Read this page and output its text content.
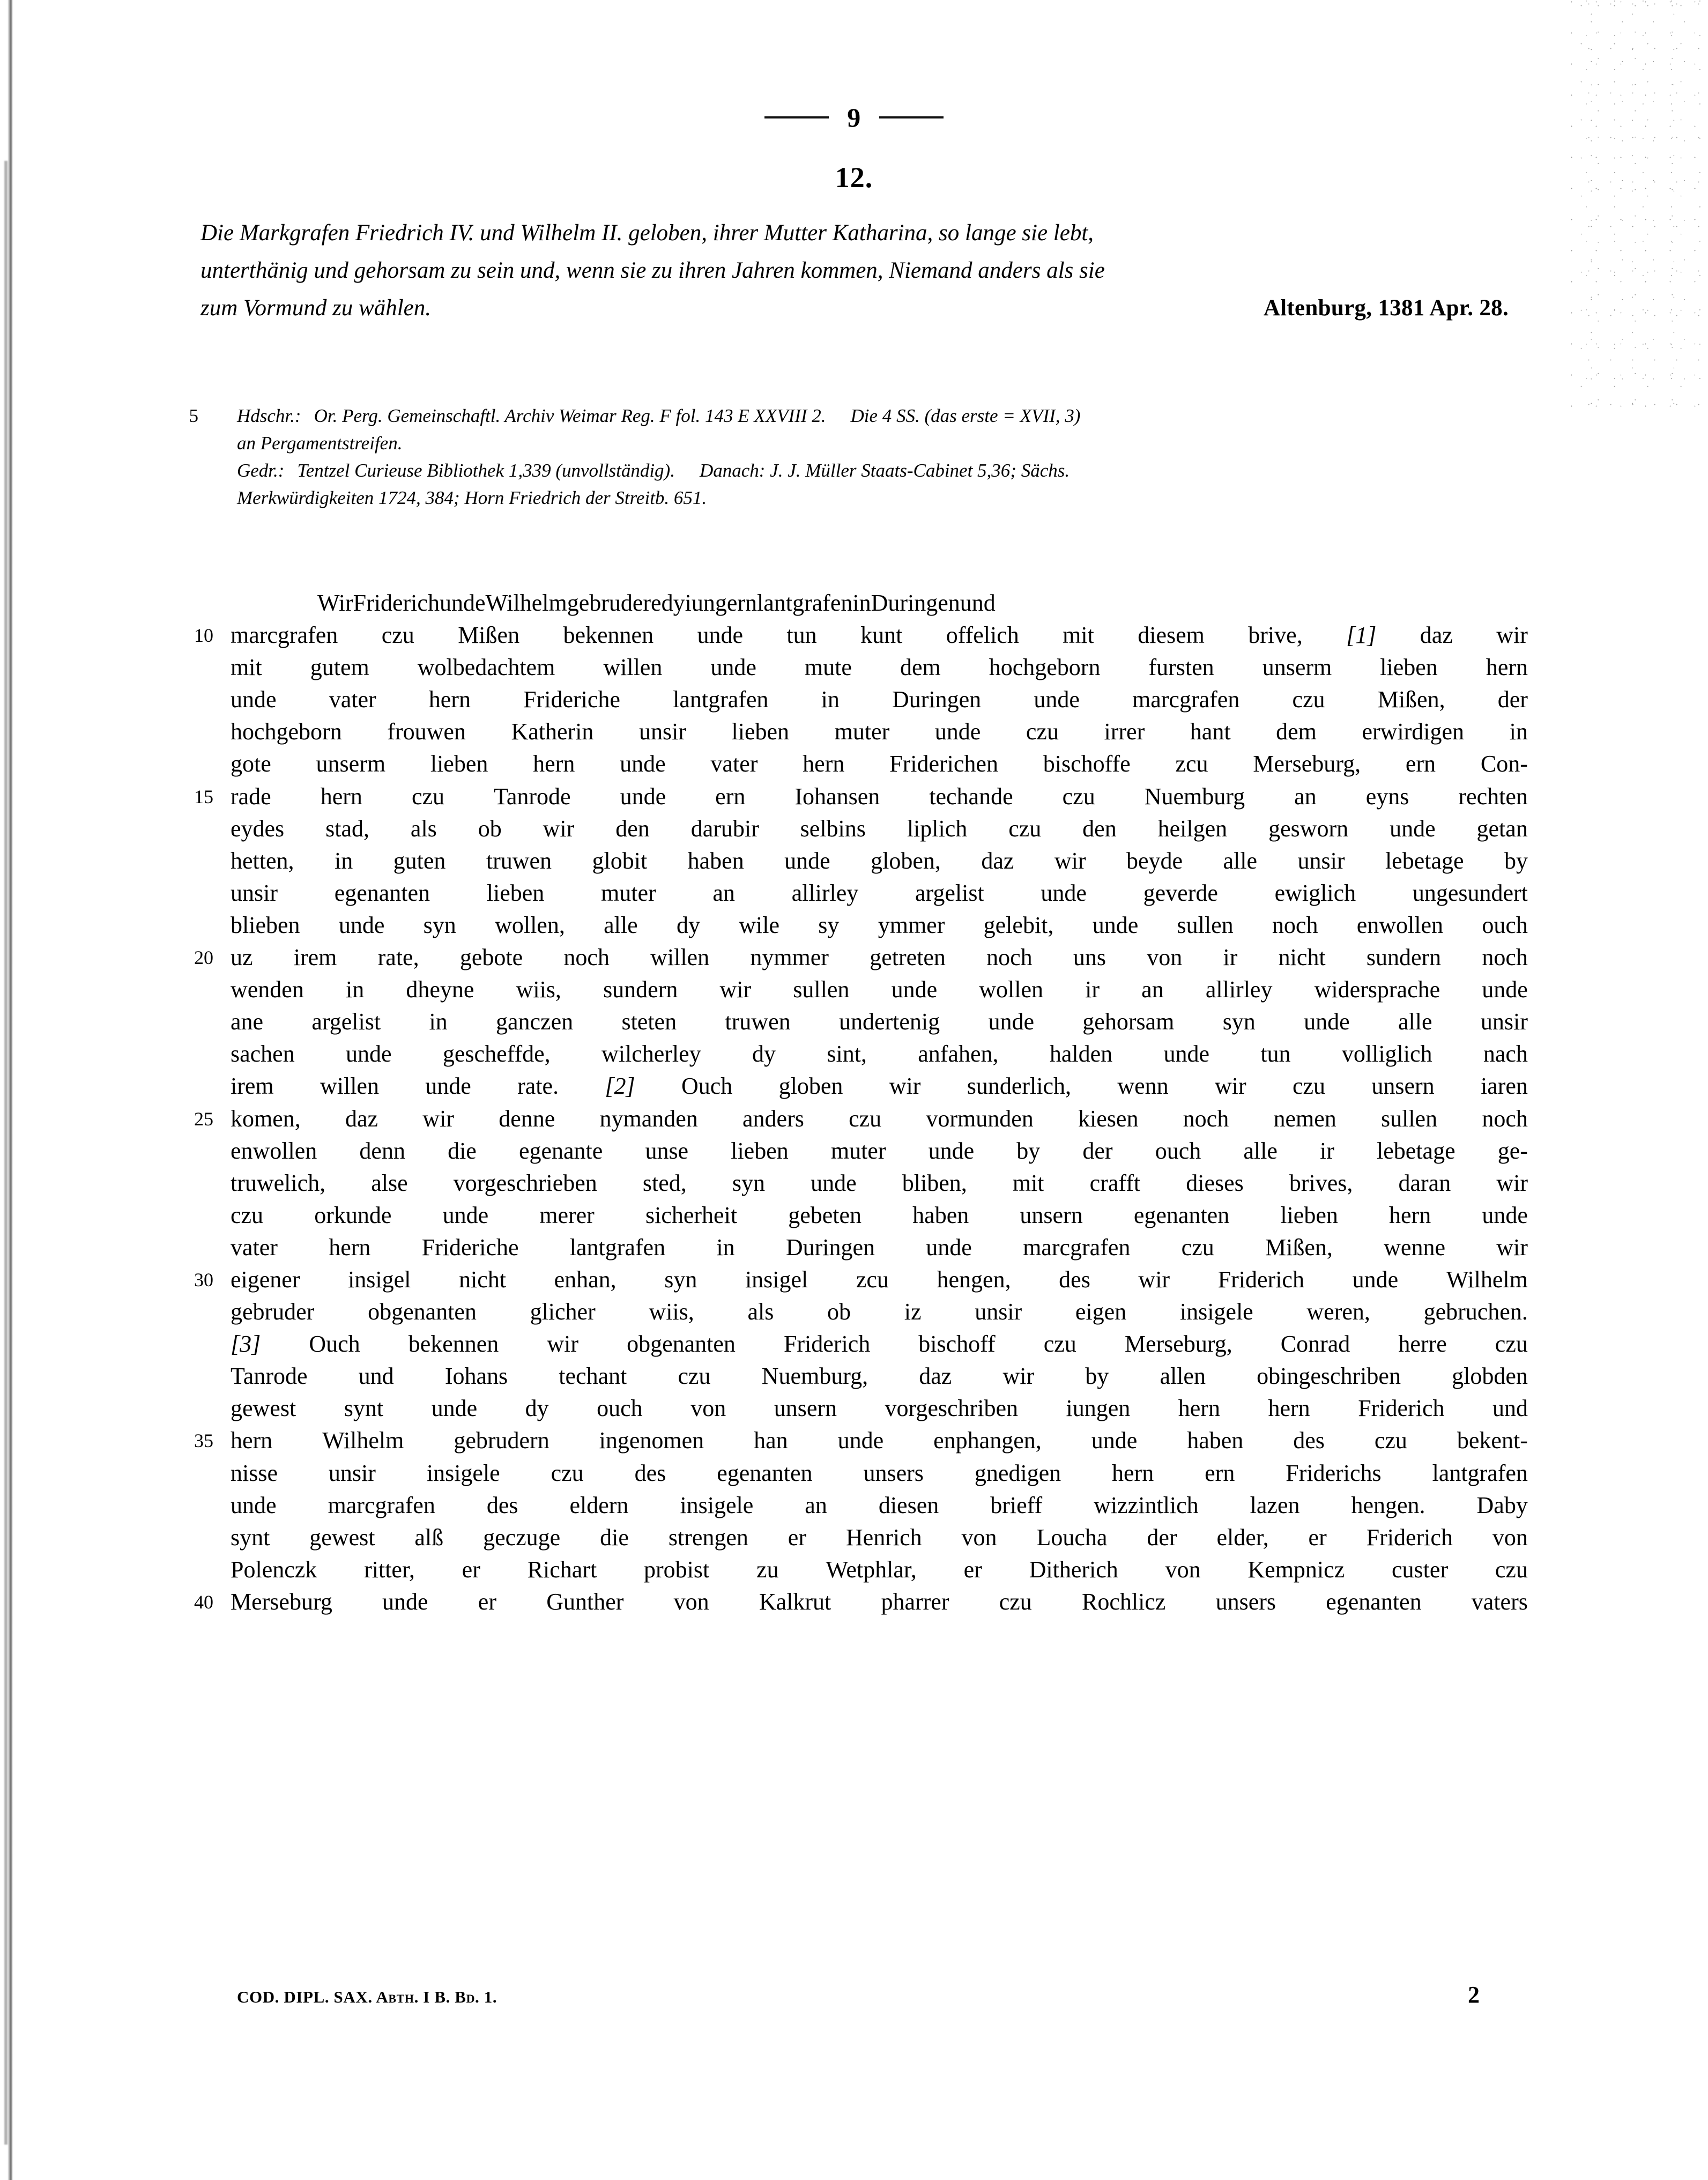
9
12.
Die Markgrafen Friedrich IV. und Wilhelm II. geloben, ihrer Mutter Katharina, so lange sie lebt,
unterthänig und gehorsam zu sein und, wenn sie zu ihren Jahren kommen, Niemand anders als sie
zum Vormund zu wählen.	Altenburg, 1381 Apr. 28.
5 Hdschr.: Or. Perg. Gemeinschaftl. Archiv Weimar Reg. F fol. 143 E XXVIII 2. Die 4 SS. (das erste = XVII, 3)
an Pergamentstreifen.
Gedr.: Tentzel Curieuse Bibliothek 1,339 (unvollständig). Danach: J. J. Müller Staats-Cabinet 5,36; Sächs.
Merkwürdigkeiten 1724, 384; Horn Friedrich der Streitb. 651.
Wir Friderich unde Wilhelm gebrudere dy iungern lantgrafen in Duringen und
10 marcgrafen czu Mißen bekennen unde tun kunt offelich mit diesem brive, [1] daz wir
mit gutem wolbedachtem willen unde mute dem hochgeborn fursten unserm lieben hern
unde vater hern Frideriche lantgrafen in Duringen unde marcgrafen czu Mißen, der
hochgeborn frouwen Katherin unsir lieben muter unde czu irrer hant dem erwirdigen in
gote unserm lieben hern unde vater hern Friderichen bischoffe zcu Merseburg, ern Con-
15 rade hern czu Tanrode unde ern Iohansen techande czu Nuemburg an eyns rechten
eydes stad, als ob wir den darubir selbins liplich czu den heilgen gesworn unde getan
hetten, in guten truwen globit haben unde globen, daz wir beyde alle unsir lebetage by
unsir egenanten lieben muter an allirley argelist unde geverde ewiglich ungesundert
blieben unde syn wollen, alle dy wile sy ymmer gelebit, unde sullen noch enwollen ouch
20 uz irem rate, gebote noch willen nymmer getreten noch uns von ir nicht sundern noch
wenden in dheyne wiis, sundern wir sullen unde wollen ir an allirley widersprache unde
ane argelist in ganczen steten truwen undertenig unde gehorsam syn unde alle unsir
sachen unde gescheffde, wilcherley dy sint, anfahen, halden unde tun volliglich nach
irem willen unde rate. [2] Ouch globen wir sunderlich, wenn wir czu unsern iaren
25 komen, daz wir denne nymanden anders czu vormunden kiesen noch nemen sullen noch
enwollen denn die egenante unse lieben muter unde by der ouch alle ir lebetage ge-
truwelich, alse vorgeschrieben sted, syn unde bliben, mit crafft dieses brives, daran wir
czu orkunde unde merer sicherheit gebeten haben unsern egenanten lieben hern unde
vater hern Frideriche lantgrafen in Duringen unde marcgrafen czu Mißen, wenne wir
30 eigener insigel nicht enhan, syn insigel zcu hengen, des wir Friderich unde Wilhelm
gebruder obgenanten glicher wiis, als ob iz unsir eigen insigele weren, gebruchen.
[3] Ouch bekennen wir obgenanten Friderich bischoff czu Merseburg, Conrad herre czu
Tanrode und Iohans techant czu Nuemburg, daz wir by allen obingeschriben globden
gewest synt unde dy ouch von unsern vorgeschriben iungen hern hern Friderich und
35 hern Wilhelm gebrudern ingenomen han unde enphangen, unde haben des czu bekent-
nisse unsir insigele czu des egenanten unsers gnedigen hern ern Friderichs lantgrafen
unde marcgrafen des eldern insigele an diesen brieff wizzintlich lazen hengen. Daby
synt gewest alß geczuge die strengen er Henrich von Loucha der elder, er Friderich von
Polenczk ritter, er Richart probist zu Wetphlar, er Ditherich von Kempnicz custer czu
40 Merseburg unde er Gunther von Kalkrut pharrer czu Rochlicz unsers egenanten vaters
COD. DIPL. SAX. Abth. I B. Bd. 1.	2
